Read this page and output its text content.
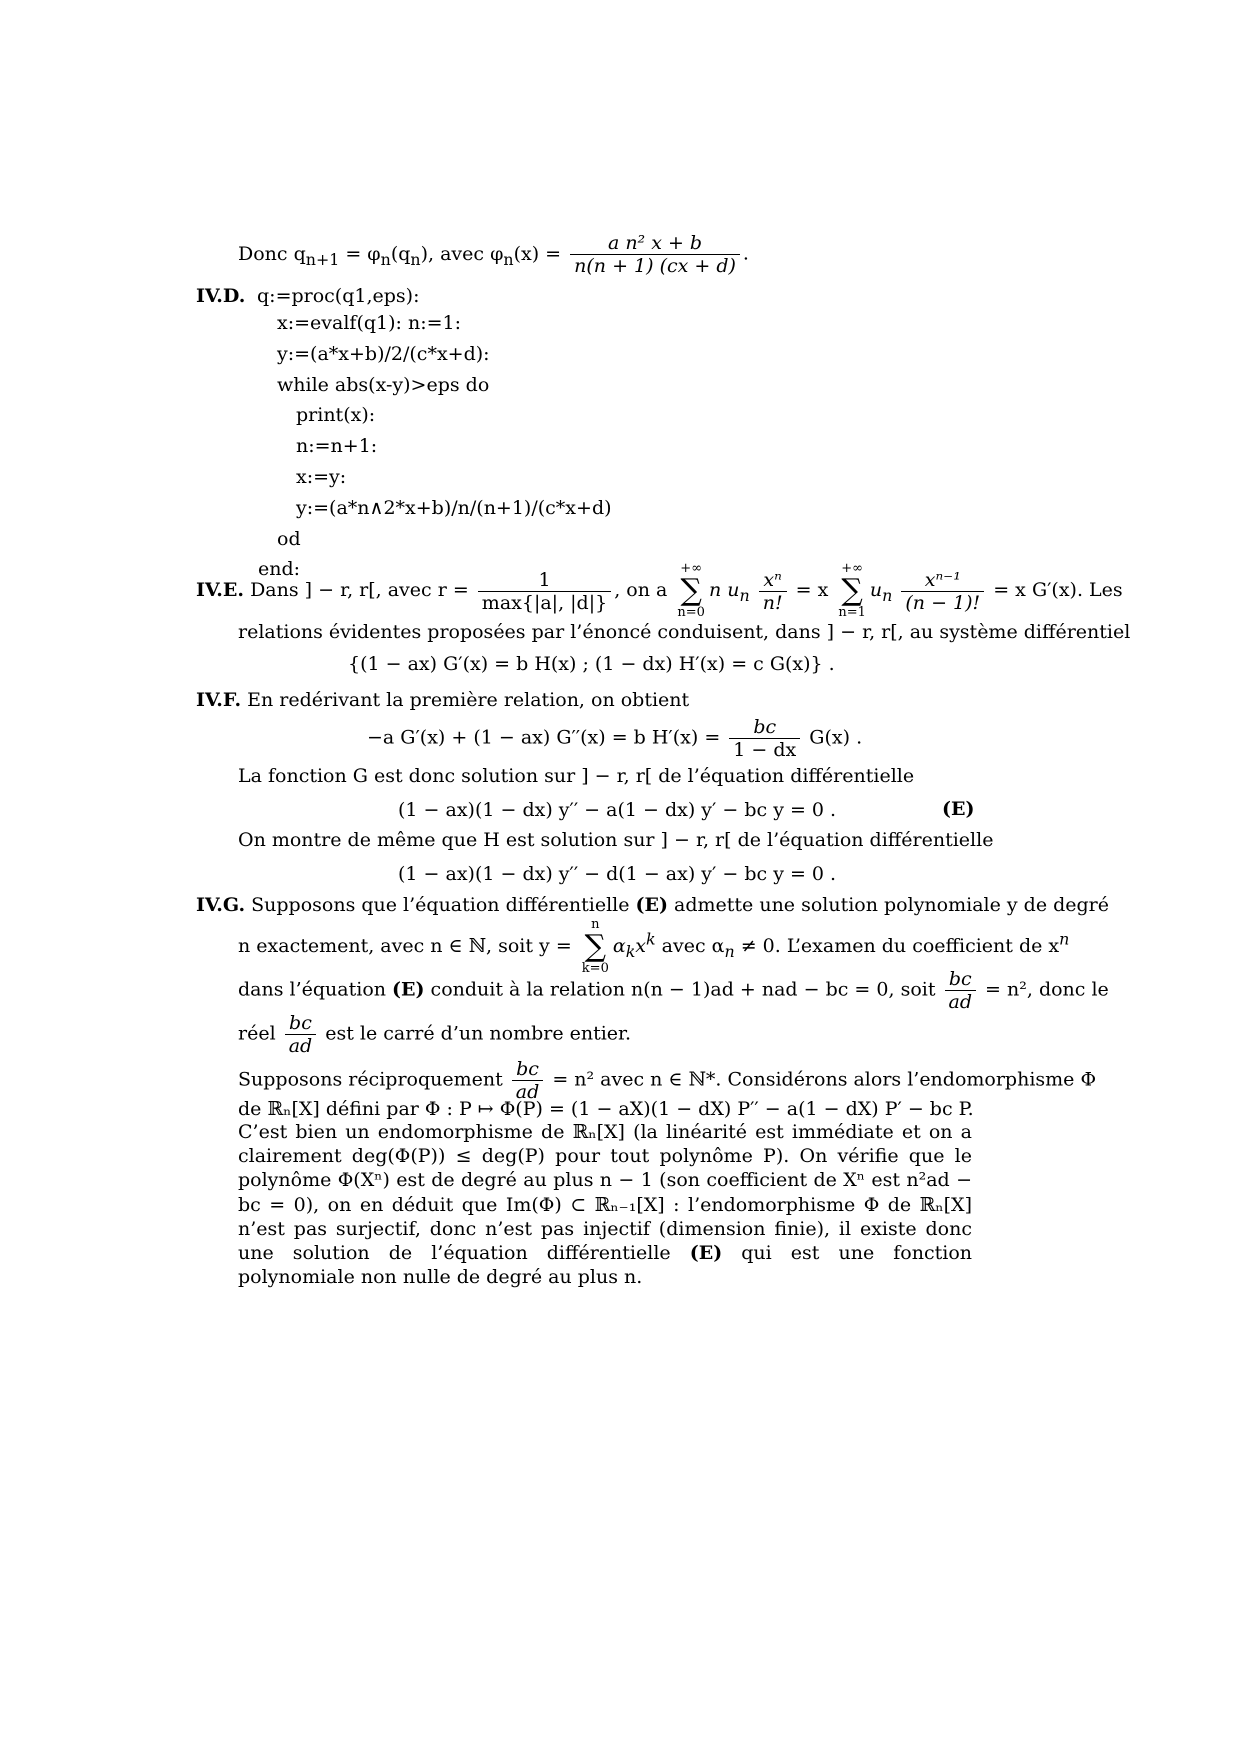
Donc $q_{n+1} = \varphi_n(q_n)$, avec $\varphi_n(x) = \frac{\text{a n² x + b}}{n(n + 1) (cx + d)}$ .
IV.D. q:=proc(q1,eps):
x:=evalf(q1): n:=1:
y:=(a*x+b)/2/(c*x+d):
while abs(x-y)>eps do
print(x):
n:=n+1:
x:=y:
y:=(a*n∧2*x+b)/n/(n+1)/(c*x+d)
od
end:
IV.E. Dans ] − r, r[, avec $r = \frac{1}{\max\{|a|, |d|\}}$ , on a
+∞
∑
n=0
n $u_n \frac{\text{xⁿ}}{n!} = x$
+∞
∑
n=1
$u_n \frac{\text{xⁿ⁻¹}}{(n - 1)!} = x$ G′(x). Les
relations évidentes proposées par l’énoncé conduisent, dans ] − r, r[, au système différentiel
{(1 − ax) G′(x) = b H(x) ; (1 − dx) H′(x) = c G(x)} .
IV.F. En redérivant la première relation, on obtient
−a G′(x) + (1 − ax) G′′(x) = b $H'(x) = \frac{bc}{1 - dx} G(x)$ .
La fonction G est donc solution sur ] − r, r[ de l’équation différentielle
(1 − ax)(1 − dx) y′′ − a(1 − dx) y′ − bc y = 0 .	(E)
On montre de même que H est solution sur ] − r, r[ de l’équation différentielle
(1 − ax)(1 − dx) y′′ − d(1 − ax) y′ − bc y = 0 .
IV.G. Supposons que l’équation différentielle (E) admette une solution polynomiale y de degré
n exactement, avec n ∈ ℕ, soit y =
n
∑
k=0
$\alpha_kx^k$ avec $\alpha_n \ne 0$. L’examen du coefficient de $x^n$
dans l’équation (E) conduit à la relation n(n − 1)ad + nad − bc = 0, soit $\frac{bc}{ad} = n^2$, donc le
réel $\frac{bc}{ad}$ est le carré d’un nombre entier.
Supposons réciproquement $\frac{bc}{ad} = n^2$ avec n ∈ ℕ*. Considérons alors l’endomorphisme Φ
de ℝₙ[X] défini par Φ : P ↦ Φ(P) = (1 − aX)(1 − dX) P′′ − a(1 − dX) P′ − bc P.
C’est bien un endomorphisme de ℝₙ[X] (la linéarité est immédiate et on a clairement deg(Φ(P)) ≤ deg(P) pour tout polynôme P). On vérifie que le polynôme Φ(Xⁿ) est de degré au plus n − 1 (son coefficient de Xⁿ est n²ad − bc = 0), on en déduit que Im(Φ) ⊂ ℝₙ₋₁[X] : l’endomorphisme Φ de ℝₙ[X] n’est pas surjectif, donc n’est pas injectif (dimension finie), il existe donc une solution de l’équation différentielle (E) qui est une fonction polynomiale non nulle de degré au plus n.
